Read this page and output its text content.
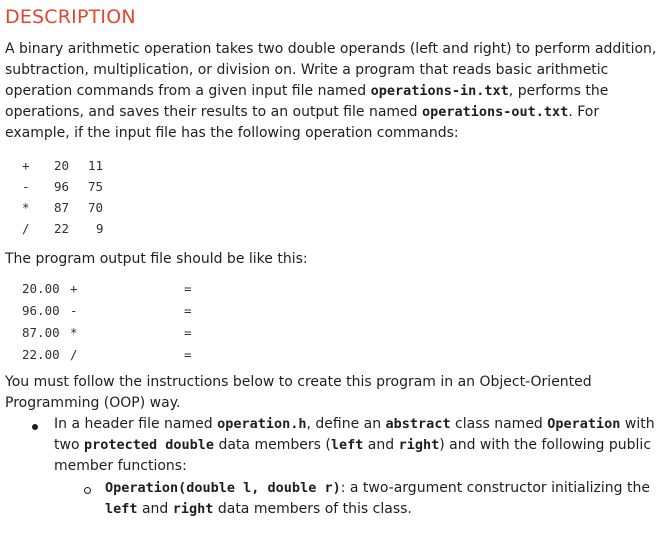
DESCRIPTION
A binary arithmetic operation takes two double operands (left and right) to perform addition, subtraction, multiplication, or division on. Write a program that reads basic arithmetic operation commands from a given input file named operations-in.txt, performs the operations, and saves their results to an output file named operations-out.txt. For example, if the input file has the following operation commands:
+ 20 11
- 96 75
* 87 70
/ 22 9
The program output file should be like this:
20.00 +	=
96.00 -	=
87.00 *	=
22.00 /	=
You must follow the instructions below to create this program in an Object-Oriented Programming (OOP) way.
In a header file named operation.h, define an abstract class named Operation with two protected double data members (left and right) and with the following public member functions:
Operation(double l, double r): a two-argument constructor initializing the left and right data members of this class.
